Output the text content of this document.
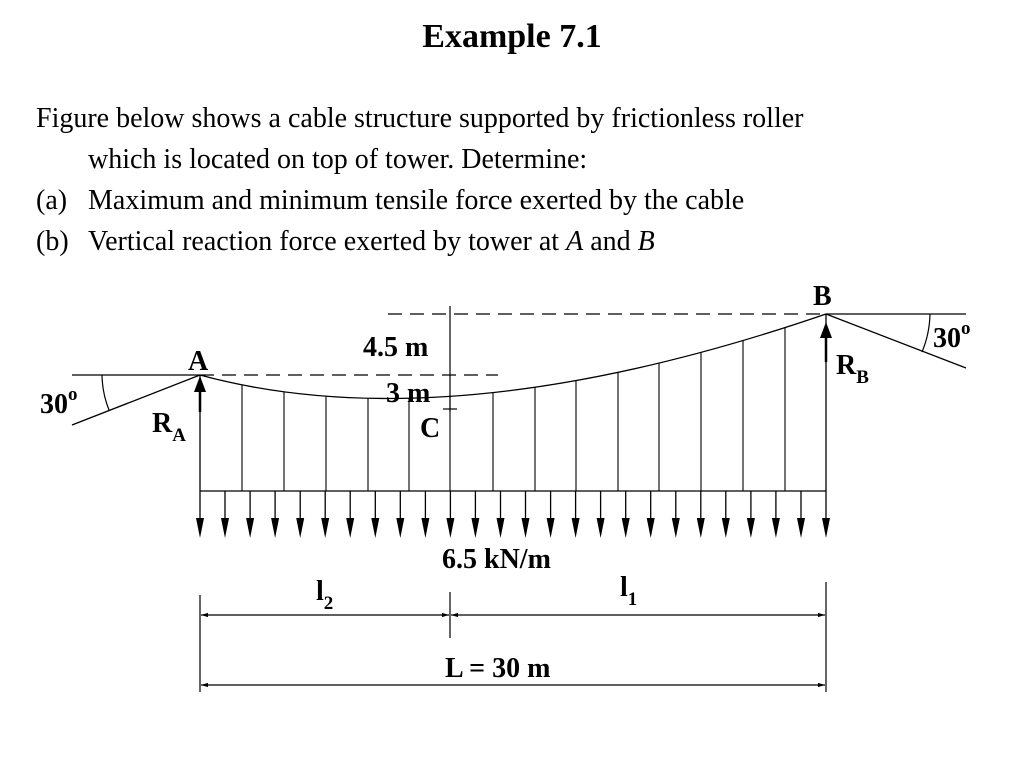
Example 7.1

Figure below shows a cable structure supported by frictionless roller

which is located on top of tower. Determine:

(a) Maximum and minimum tensile force exerted by the cable
(b) Vertical reaction force exerted by tower at A and B
A
B
C
$R_A$
$R_B$
30$^o$
30$^o$
4.5 m
3 m
6.5 kN/m
$l_2$
$l_1$
L = 30 m
